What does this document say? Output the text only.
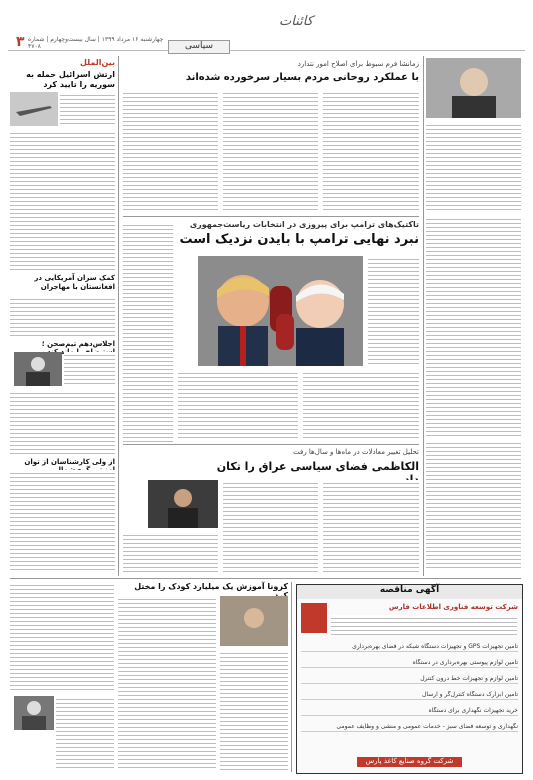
کائنات
سیاسی
۳ چهارشنبه ۱۶ مرداد ۱۳۹۹ | سال بیست‌وچهارم | شماره ۴۷۰۸
بین‌الملل
ارتش اسرائیل حمله به سوریه را تایید کرد
کمک سران آمریکایی در افغانستان با مهاجران
اجلاس‌دهم تیم‌صحن ؛
از ولی کارشناسان از توان
زمانشا فرم سبوط برای اصلاح امور نتدارد
با عملکرد روحانی مردم بسیار سرخورده شده‌اند
تاکتیک‌های ترامپ برای پیروزی در انتخابات ریاست‌جمهوری
نبرد نهایی ترامپ با بایدن نزدیک است
تحلیل تغییر معادلات در ماه‌ها و سال‌ها رفت
الکاظمی فضای سیاسی عراق را تکان
کرونا آموزش یک میلیارد کودک را مختل	آگهی مناقصه
شرکت توسعه فناوری اطلاعات فارس
تامین تجهیزات GPS و تجهیزات دستگاه شبکه در فضای بهره‌برداری
تامین لوازم پیوستی بهره‌برداری در دستگاه
تامین لوازم و تجهیزات خط درون کنترل
تامین ابزارک دستگاه کنترل‌گر و ارسال
خرید تجهیزات نگهداری برای دستگاه
نگهداری و توسعه فضای سبز - خدمات عمومی و منشی و وظایف عمومی
شرکت گروه صنایع کاغذ پارس
